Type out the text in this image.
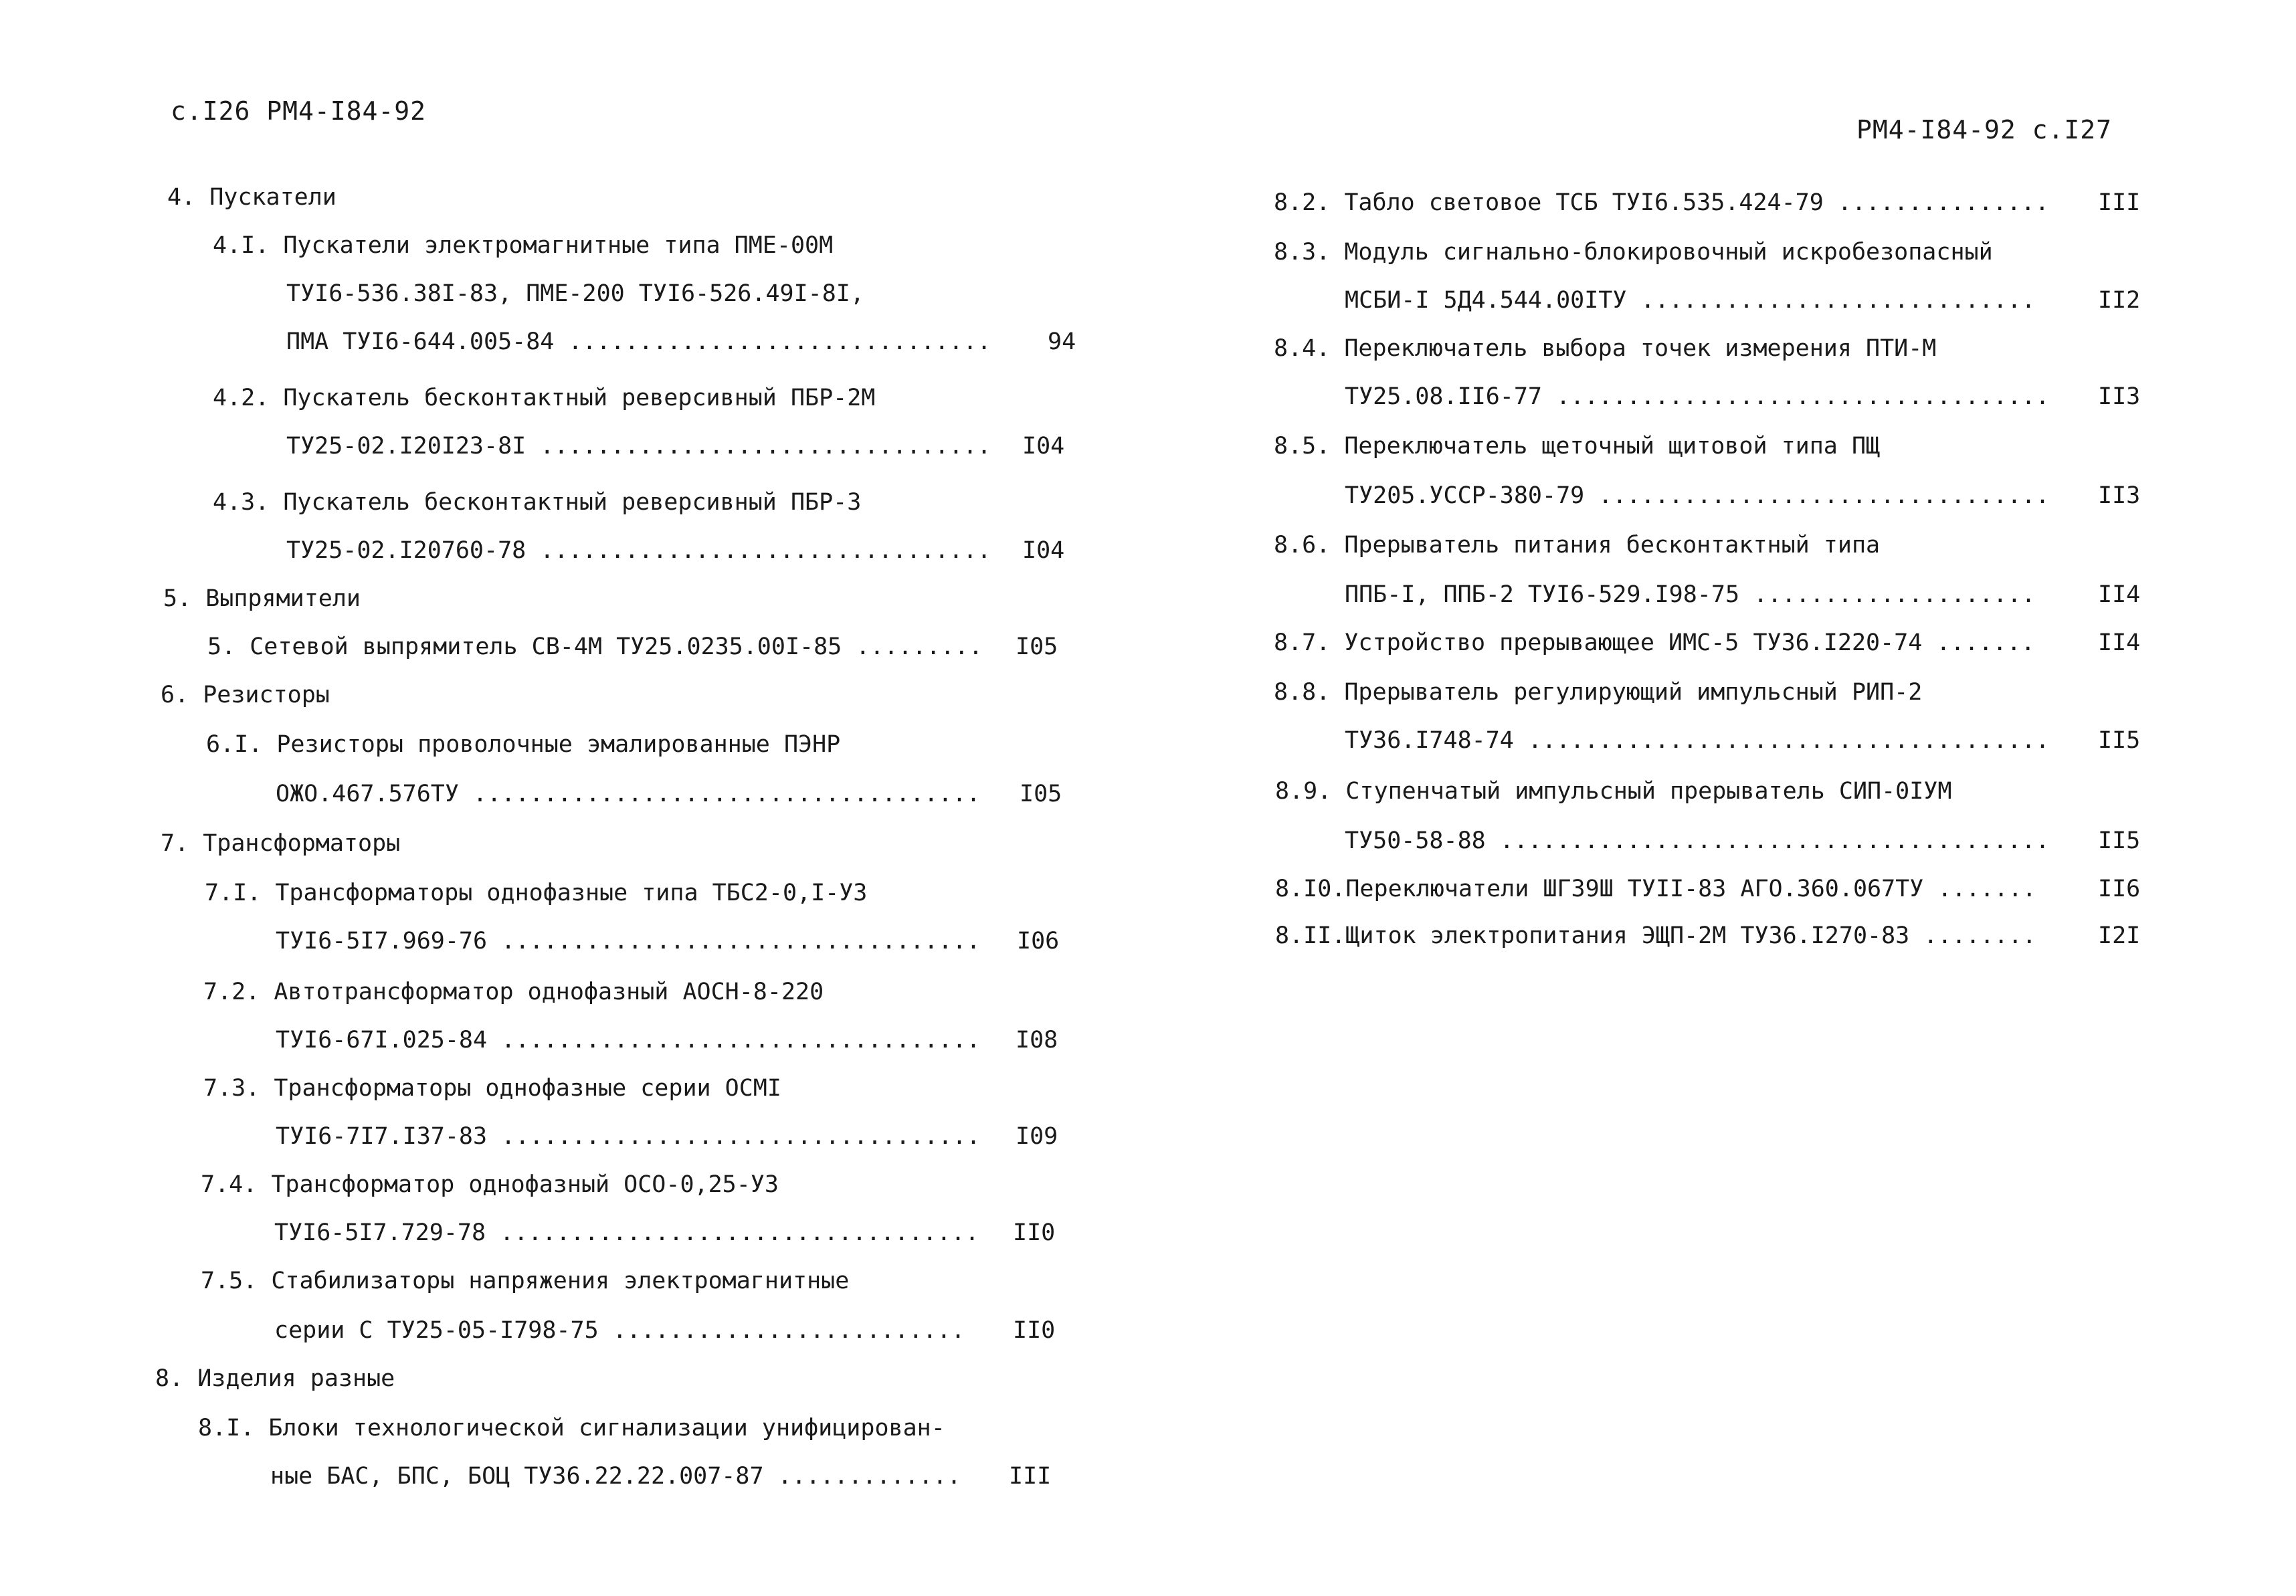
с.I26 РМ4-I84-92
РМ4-I84-92 с.I27
4. Пускатели
4.I. Пускатели электромагнитные типа ПМЕ-00М
ТУI6-536.38I-83, ПМЕ-200 ТУI6-526.49I-8I,
ПМА ТУI6-644.005-84 .............................. 94
4.2. Пускатель бесконтактный реверсивный ПБР-2М
ТУ25-02.I20I23-8I ................................ I04
4.3. Пускатель бесконтактный реверсивный ПБР-3
ТУ25-02.I20760-78 ................................ I04
5. Выпрямители
5. Сетевой выпрямитель СВ-4М ТУ25.0235.00I-85 ......... I05
6. Резисторы
6.I. Резисторы проволочные эмалированные ПЭНР
ОЖО.467.576ТУ .................................... I05
7. Трансформаторы
7.I. Трансформаторы однофазные типа ТБС2-0,I-УЗ
ТУI6-5I7.969-76 .................................. I06
7.2. Автотрансформатор однофазный АОСН-8-220
ТУI6-67I.025-84 .................................. I08
7.3. Трансформаторы однофазные серии ОСМI
ТУI6-7I7.I37-83 .................................. I09
7.4. Трансформатор однофазный ОСО-0,25-УЗ
ТУI6-5I7.729-78 .................................. II0
7.5. Стабилизаторы напряжения электромагнитные
серии С ТУ25-05-I798-75 ......................... II0
8. Изделия разные
8.I. Блоки технологической сигнализации унифицирован-
ные БАС, БПС, БОЦ ТУ36.22.22.007-87 ............. III
8.2. Табло световое ТСБ ТУI6.535.424-79 ............... III
8.3. Модуль сигнально-блокировочный искробезопасный
МСБИ-I 5Д4.544.00IТУ ............................	II2
8.4. Переключатель выбора точек измерения ПТИ-М
ТУ25.08.II6-77 ................................... II3
8.5. Переключатель щеточный щитовой типа ПЩ
ТУ205.УССР-380-79 ................................ II3
8.6. Прерыватель питания бесконтактный типа
ППБ-I, ППБ-2 ТУI6-529.I98-75 ....................	II4
8.7. Устройство прерывающее ИМС-5 ТУ36.I220-74 .......	II4
8.8. Прерыватель регулирующий импульсный РИП-2
ТУ36.I748-74 ..................................... II5
8.9. Ступенчатый импульсный прерыватель СИП-0IУМ
ТУ50-58-88 ....................................... II5
8.I0.Переключатели ШГ39Ш ТУII-83 АГО.360.067ТУ .......	II6
8.II.Щиток электропитания ЭЩП-2М ТУ36.I270-83 ........	I2I
